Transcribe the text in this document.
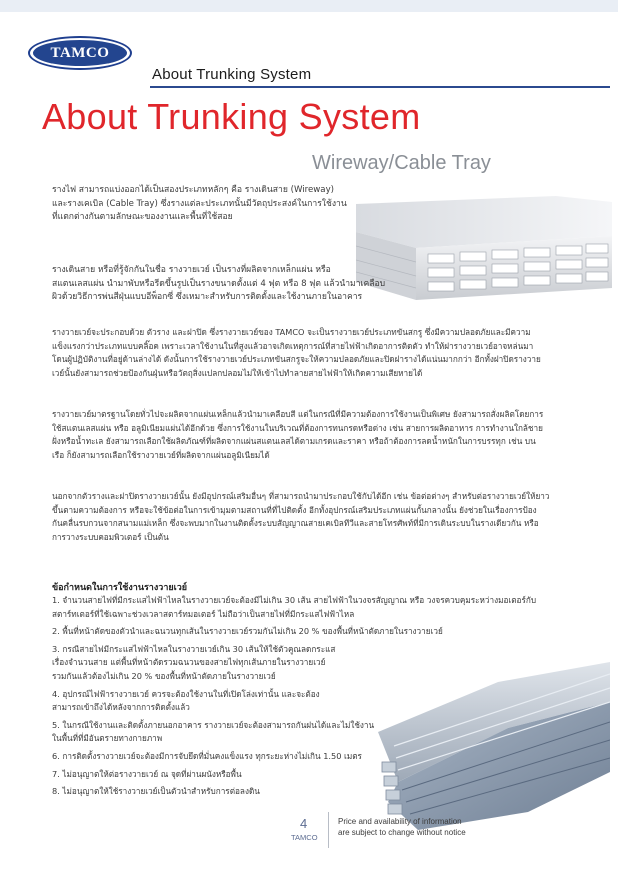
TAMCO
About Trunking System
About Trunking System
Wireway/Cable Tray
รางไฟ สามารถแบ่งออกได้เป็นสองประเภทหลักๆ คือ รางเดินสาย (Wireway)
และรางเคเบิล (Cable Tray) ซึ่งรางแต่ละประเภทนั้นมีวัตถุประสงค์ในการใช้งาน
ที่แตกต่างกันตามลักษณะของงานและพื้นที่ใช้สอย
รางเดินสาย หรือที่รู้จักกันในชื่อ รางวายเวย์ เป็นรางที่ผลิตจากเหล็กแผ่น หรือ
สแตนเลสแผ่น นำมาพับหรือรีดขึ้นรูปเป็นรางขนาดตั้งแต่ 4 ฟุต หรือ 8 ฟุต แล้วนำมาเคลือบ
ผิวด้วยวิธีการพ่นสีฝุ่นแบบอีพ็อกซี่ ซึ่งเหมาะสำหรับการติดตั้งและใช้งานภายในอาคาร
รางวายเวย์จะประกอบด้วย ตัวราง และฝาปิด ซึ่งรางวายเวย์ของ TAMCO จะเป็นรางวายเวย์ประเภทขันสกรู ซึ่งมีความปลอดภัยและมีความ
แข็งแรงกว่าประเภทแบบคลิ๊อค เพราะเวลาใช้งานในที่สูงแล้วอาจเกิดเหตุการณ์ที่สายไฟฟ้าเกิดอาการติดตัว ทำให้ฝารางวายเวย์อาจหล่นมา
โดนผู้ปฏิบัติงานที่อยู่ด้านล่างได้ ดังนั้นการใช้รางวายเวย์ประเภทขันสกรูจะให้ความปลอดภัยและปิดฝารางได้แน่นมากกว่า อีกทั้งฝาปิดรางวาย
เวย์นั้นยังสามารถช่วยป้องกันฝุ่นหรือวัตถุสิ่งแปลกปลอมไม่ให้เข้าไปทำลายสายไฟฟ้าให้เกิดความเสียหายได้
รางวายเวย์มาตรฐานโดยทั่วไปจะผลิตจากแผ่นเหล็กแล้วนำมาเคลือบสี แต่ในกรณีที่มีความต้องการใช้งานเป็นพิเศษ ยังสามารถสั่งผลิตโดยการ
ใช้สแตนเลสแผ่น หรือ อลูมิเนียมแผ่นได้อีกด้วย ซึ่งการใช้งานในบริเวณที่ต้องการทนกรดหรือด่าง เช่น สายการผลิตอาหาร การทำงานใกล้ชาย
ฝั่งหรือน้ำทะเล ยังสามารถเลือกใช้ผลิตภัณฑ์ที่ผลิตจากแผ่นสแตนเลสได้ตามเกรดและราคา หรือถ้าต้องการลดน้ำหนักในการบรรทุก เช่น บน
เรือ ก็ยังสามารถเลือกใช้รางวายเวย์ที่ผลิตจากแผ่นอลูมิเนียมได้
นอกจากตัวรางและฝาปิดรางวายเวย์นั้น ยังมีอุปกรณ์เสริมอื่นๆ ที่สามารถนำมาประกอบใช้กับได้อีก เช่น ข้อต่อต่างๆ สำหรับต่อรางวายเวย์ให้ยาว
ขึ้นตามความต้องการ หรือจะใช้ข้อต่อในการเข้ามุมตามสถานที่ที่ไปติดตั้ง อีกทั้งอุปกรณ์เสริมประเภทแผ่นกั้นกลางนั้น ยังช่วยในเรื่องการป้อง
กันคลื่นรบกวนจากสนามแม่เหล็ก ซึ่งจะพบมากในงานติดตั้งระบบสัญญาณสายเคเบิลทีวีและสายโทรศัพท์ที่มีการเดินระบบในรางเดียวกัน หรือ
การวางระบบคอมพิวเตอร์ เป็นต้น
ข้อกำหนดในการใช้งานรางวายเวย์
1. จำนวนสายไฟที่มีกระแสไฟฟ้าไหลในรางวายเวย์จะต้องมีไม่เกิน 30 เส้น สายไฟฟ้าในวงจรสัญญาณ หรือ วงจรควบคุมระหว่างมอเตอร์กับ
สตาร์ทเตอร์ที่ใช้เฉพาะช่วงเวลาสตาร์ทมอเตอร์ ไม่ถือว่าเป็นสายไฟที่มีกระแสไฟฟ้าไหล
2. พื้นที่หน้าตัดของตัวนำและฉนวนทุกเส้นในรางวายเวย์รวมกันไม่เกิน 20 % ของพื้นที่หน้าตัดภายในรางวายเวย์
3. กรณีสายไฟมีกระแสไฟฟ้าไหลในรางวายเวย์เกิน 30 เส้นให้ใช้ตัวคูณลดกระแส
เรื่องจำนวนสาย แต่พื้นที่หน้าตัดรวมฉนวนของสายไฟทุกเส้นภายในรางวายเวย์
รวมกันแล้วต้องไม่เกิน 20 % ของพื้นที่หน้าตัดภายในรางวายเวย์
4. อุปกรณ์ไฟฟ้ารางวายเวย์ ควรจะต้องใช้งานในที่เปิดโล่งเท่านั้น และจะต้อง
สามารถเข้าถึงได้หลังจากการติดตั้งแล้ว
5. ในกรณีใช้งานและติดตั้งภายนอกอาคาร รางวายเวย์จะต้องสามารถกันฝนได้และไม่ใช้งาน
ในพื้นที่ที่มีอันตรายทางกายภาพ
6. การติดตั้งรางวายเวย์จะต้องมีการจับยึดที่มั่นคงแข็งแรง ทุกระยะห่างไม่เกิน 1.50 เมตร
7. ไม่อนุญาตให้ต่อรางวายเวย์ ณ จุดที่ผ่านผนังหรือพื้น
8. ไม่อนุญาตให้ใช้รางวายเวย์เป็นตัวนำสำหรับการต่อลงดิน
4
TAMCO
Price and availability of information
are subject to change without notice
